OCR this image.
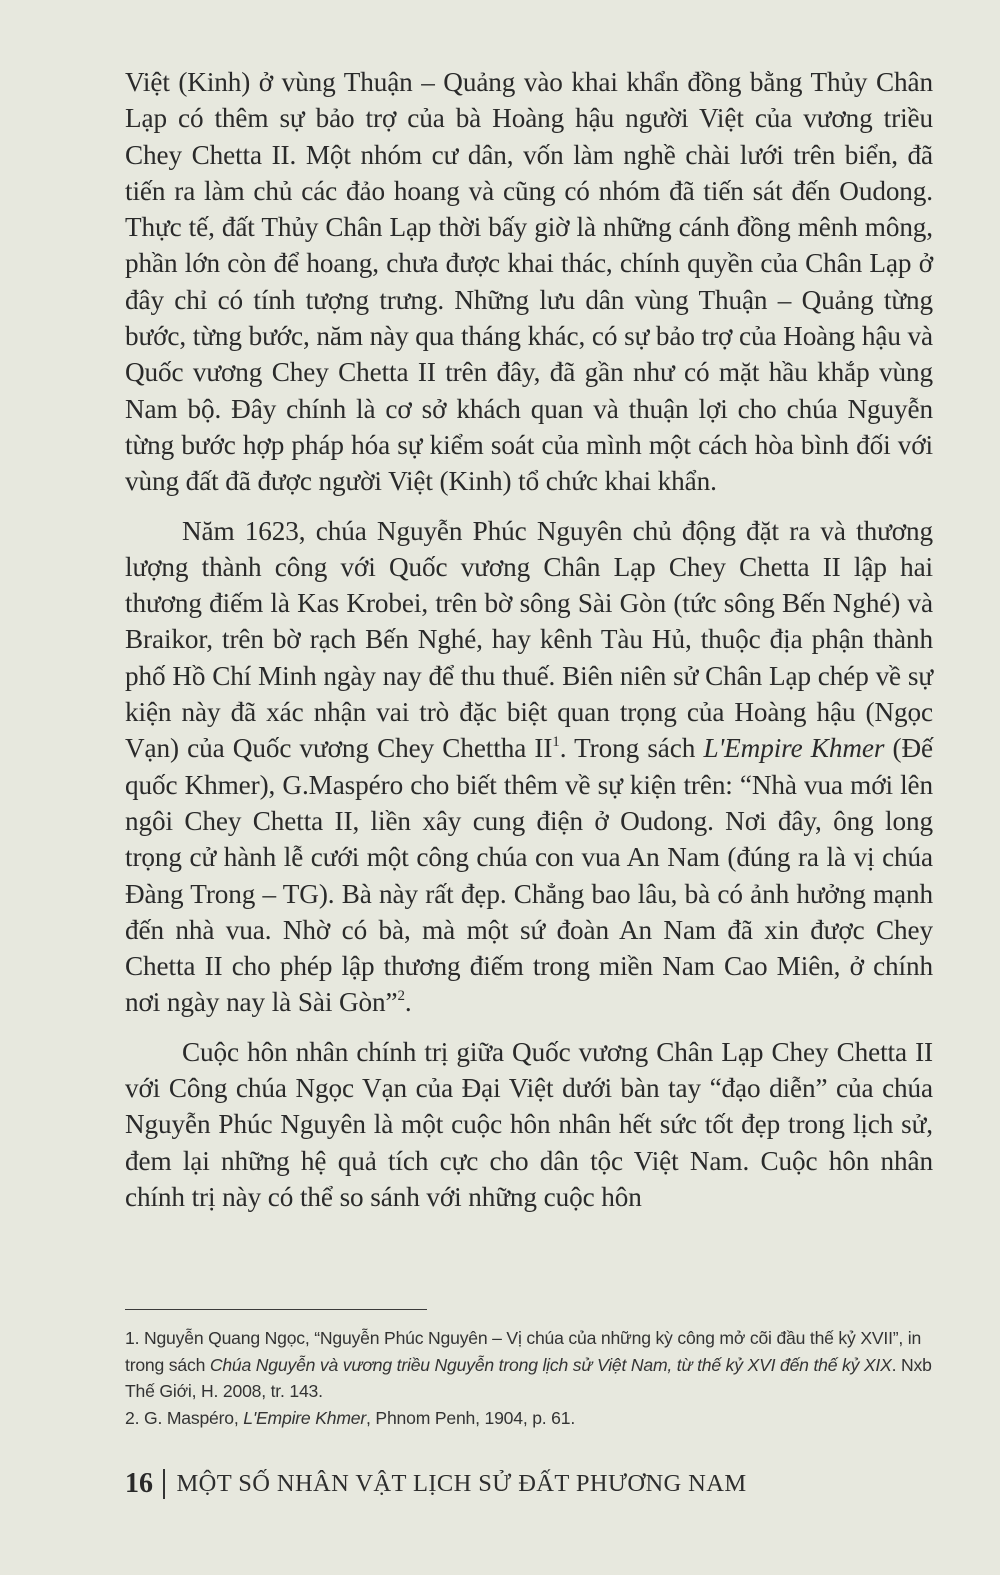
Việt (Kinh) ở vùng Thuận – Quảng vào khai khẩn đồng bằng Thủy Chân Lạp có thêm sự bảo trợ của bà Hoàng hậu người Việt của vương triều Chey Chetta II. Một nhóm cư dân, vốn làm nghề chài lưới trên biển, đã tiến ra làm chủ các đảo hoang và cũng có nhóm đã tiến sát đến Oudong. Thực tế, đất Thủy Chân Lạp thời bấy giờ là những cánh đồng mênh mông, phần lớn còn để hoang, chưa được khai thác, chính quyền của Chân Lạp ở đây chỉ có tính tượng trưng. Những lưu dân vùng Thuận – Quảng từng bước, từng bước, năm này qua tháng khác, có sự bảo trợ của Hoàng hậu và Quốc vương Chey Chetta II trên đây, đã gần như có mặt hầu khắp vùng Nam bộ. Đây chính là cơ sở khách quan và thuận lợi cho chúa Nguyễn từng bước hợp pháp hóa sự kiểm soát của mình một cách hòa bình đối với vùng đất đã được người Việt (Kinh) tổ chức khai khẩn.

Năm 1623, chúa Nguyễn Phúc Nguyên chủ động đặt ra và thương lượng thành công với Quốc vương Chân Lạp Chey Chetta II lập hai thương điếm là Kas Krobei, trên bờ sông Sài Gòn (tức sông Bến Nghé) và Braikor, trên bờ rạch Bến Nghé, hay kênh Tàu Hủ, thuộc địa phận thành phố Hồ Chí Minh ngày nay để thu thuế. Biên niên sử Chân Lạp chép về sự kiện này đã xác nhận vai trò đặc biệt quan trọng của Hoàng hậu (Ngọc Vạn) của Quốc vương Chey Chettha $II^1$. Trong sách L'Empire Khmer (Đế quốc Khmer), G.Maspéro cho biết thêm về sự kiện trên: “Nhà vua mới lên ngôi Chey Chetta II, liền xây cung điện ở Oudong. Nơi đây, ông long trọng cử hành lễ cưới một công chúa con vua An Nam (đúng ra là vị chúa Đàng Trong – TG). Bà này rất đẹp. Chẳng bao lâu, bà có ảnh hưởng mạnh đến nhà vua. Nhờ có bà, mà một sứ đoàn An Nam đã xin được Chey Chetta II cho phép lập thương điếm trong miền Nam Cao Miên, ở chính nơi ngày nay là Sài Gòn”$^2$.

Cuộc hôn nhân chính trị giữa Quốc vương Chân Lạp Chey Chetta II với Công chúa Ngọc Vạn của Đại Việt dưới bàn tay “đạo diễn” của chúa Nguyễn Phúc Nguyên là một cuộc hôn nhân hết sức tốt đẹp trong lịch sử, đem lại những hệ quả tích cực cho dân tộc Việt Nam. Cuộc hôn nhân chính trị này có thể so sánh với những cuộc hôn

1. Nguyễn Quang Ngọc, “Nguyễn Phúc Nguyên – Vị chúa của những kỳ công mở cõi đầu thế kỷ XVII”, in trong sách Chúa Nguyễn và vương triều Nguyễn trong lịch sử Việt Nam, từ thế kỷ XVI đến thế kỷ XIX. Nxb Thế Giới, H. 2008, tr. 143.

2. G. Maspéro, L'Empire Khmer, Phnom Penh, 1904, p. 61.

16 MỘT SỐ NHÂN VẬT LỊCH SỬ ĐẤT PHƯƠNG NAM
